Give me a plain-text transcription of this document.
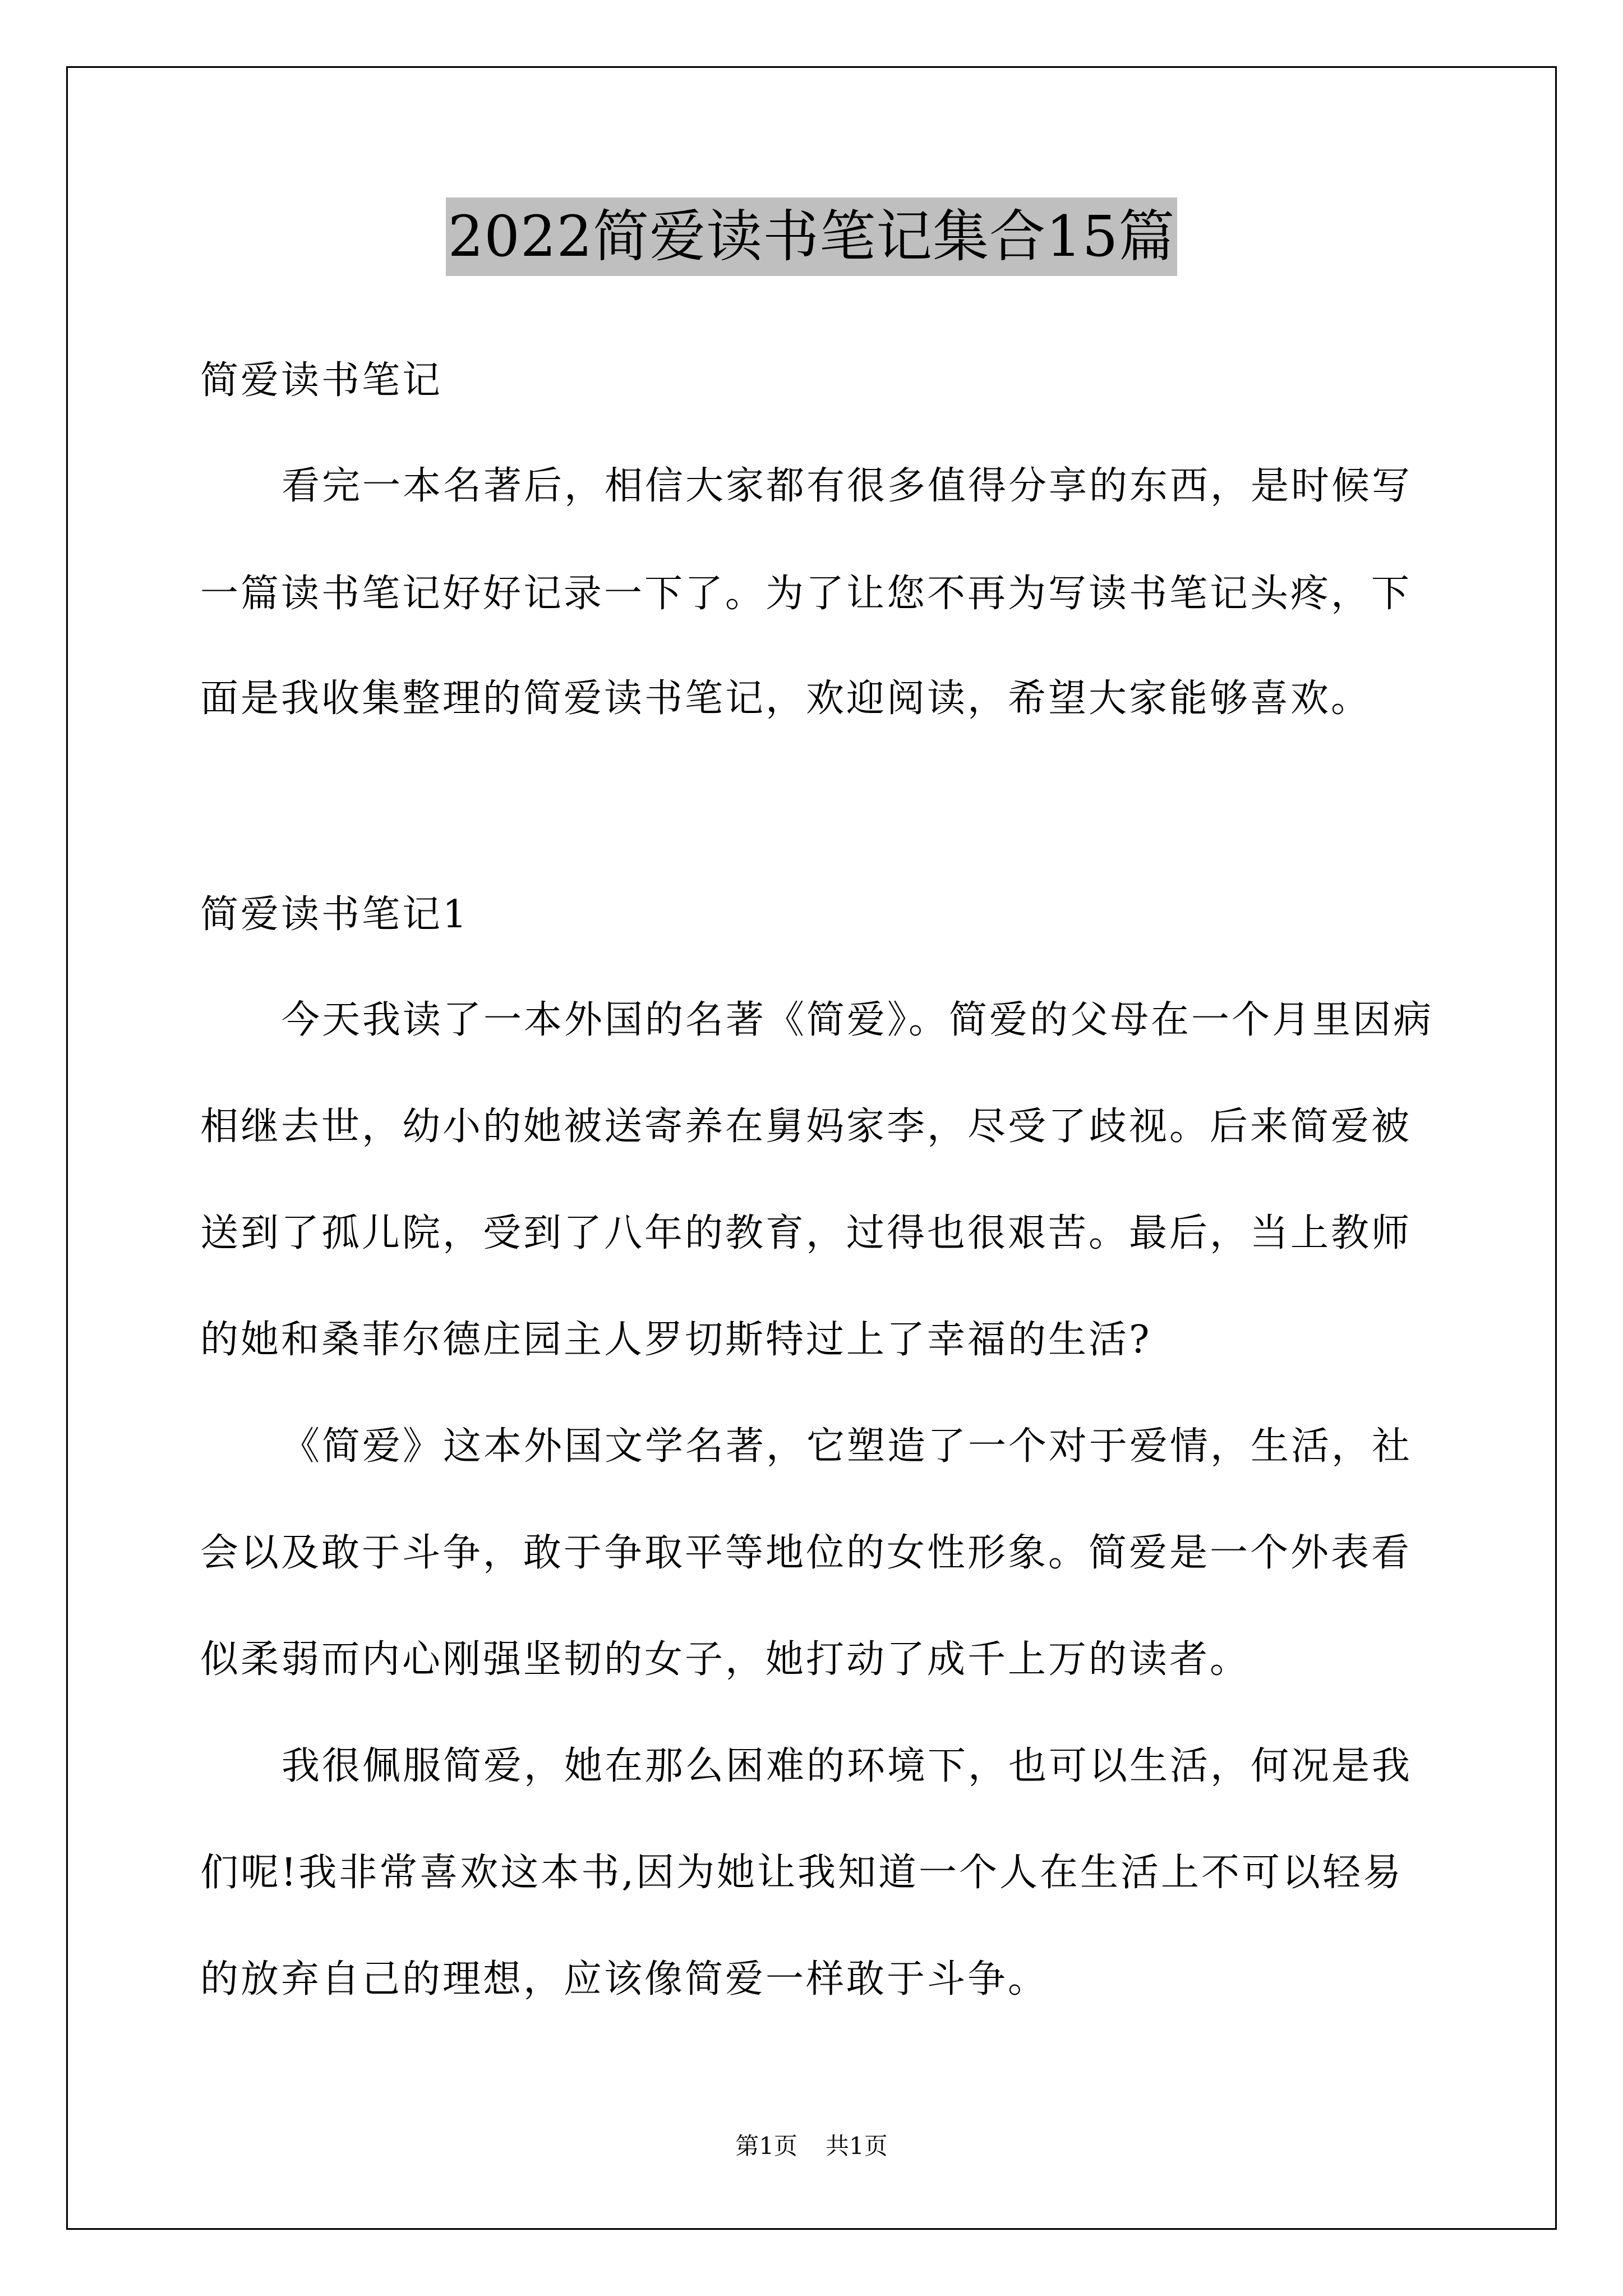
2022简爱读书笔记集合15篇
简爱读书笔记
看完一本名著后，相信大家都有很多值得分享的东西，是时候写
一篇读书笔记好好记录一下了。为了让您不再为写读书笔记头疼，下
面是我收集整理的简爱读书笔记，欢迎阅读，希望大家能够喜欢。
简爱读书笔记1
今天我读了一本外国的名著《简爱》。简爱的父母在一个月里因病
相继去世，幼小的她被送寄养在舅妈家李，尽受了歧视。后来简爱被
送到了孤儿院，受到了八年的教育，过得也很艰苦。最后，当上教师
的她和桑菲尔德庄园主人罗切斯特过上了幸福的生活?
《简爱》这本外国文学名著，它塑造了一个对于爱情，生活，社
会以及敢于斗争，敢于争取平等地位的女性形象。简爱是一个外表看
似柔弱而内心刚强坚韧的女子，她打动了成千上万的读者。
我很佩服简爱，她在那么困难的环境下，也可以生活，何况是我
们呢!我非常喜欢这本书,因为她让我知道一个人在生活上不可以轻易
的放弃自己的理想，应该像简爱一样敢于斗争。
第1页 共1页
